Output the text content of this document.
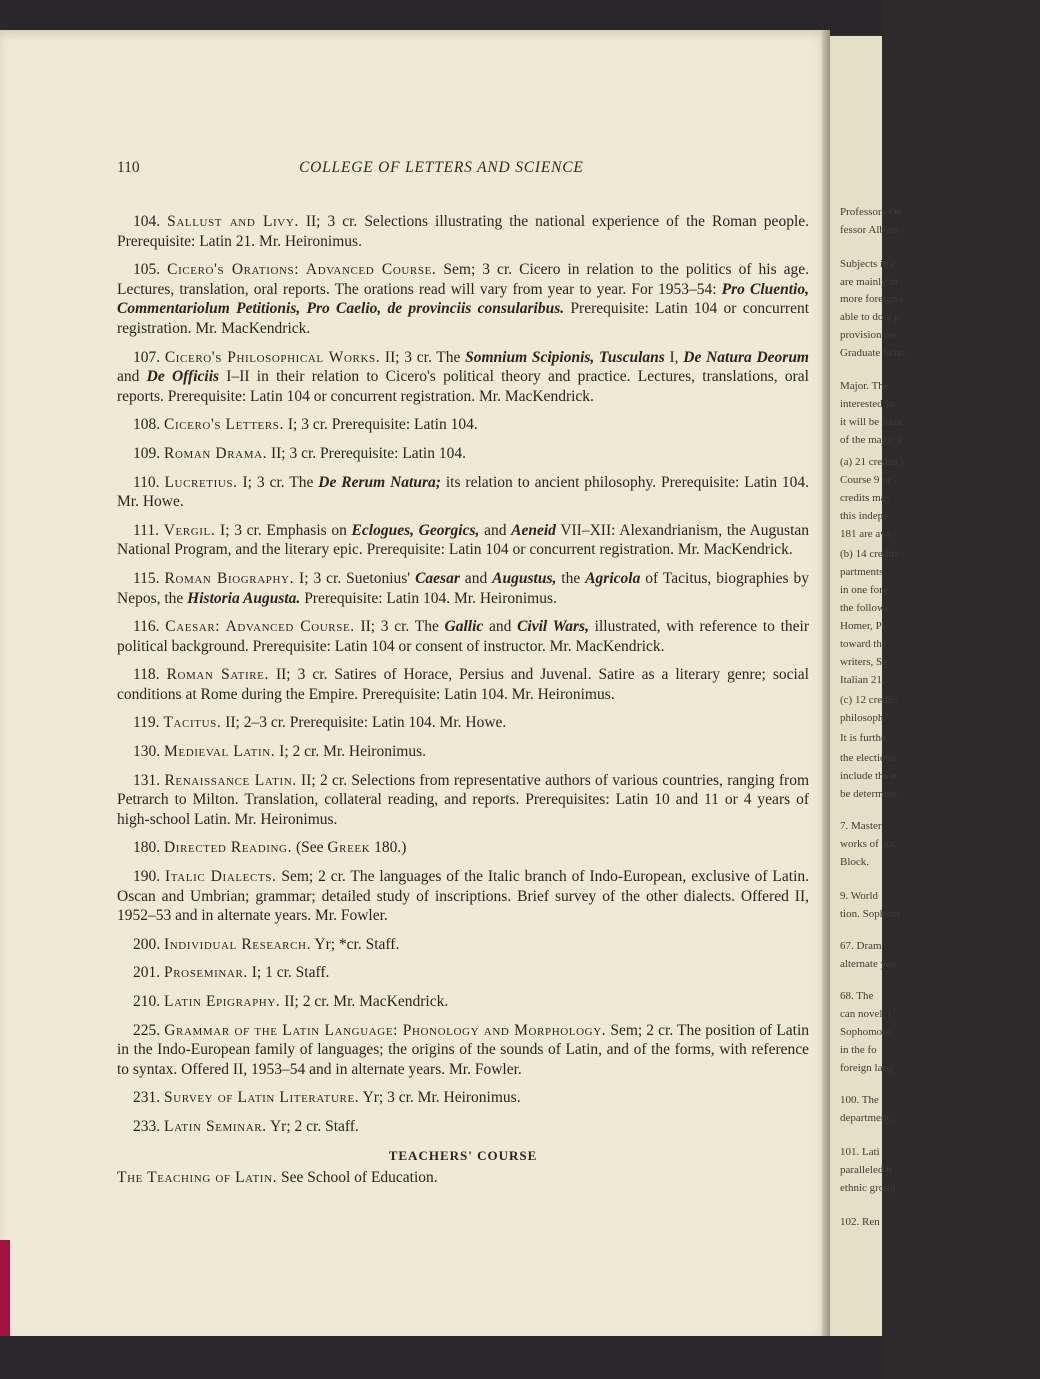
Professors Ov
fessor Albers
Subjects in c
are mainly in
more foreign l
able to do a p
provision for
Graduate Scho
Major. The
interested in
it will be foun
of the major a
(a) 21 credits i
Course 9 or
credits may
this indepe
181 are ava
(b) 14 credits
partments,
in one fore
the followi
Homer, Pl
toward the
writers, Sa
Italian 21,
(c) 12 credits
philosoph
It is furthe
the elections
include the e
be determine
7. Master
works of anc
Block.
9. World
tion. Sophom
67. Dram
alternate yea
68. The
can novel, l
Sophomore
in the fo
foreign lang
100. The
department.
101. Lati
paralleled b
ethnic group
102. Ren
110	COLLEGE OF LETTERS AND SCIENCE

104. Sallust and Livy. II; 3 cr. Selections illustrating the national experience of the Roman people. Prerequisite: Latin 21. Mr. Heironimus.

105. Cicero's Orations: Advanced Course. Sem; 3 cr. Cicero in relation to the politics of his age. Lectures, translation, oral reports. The orations read will vary from year to year. For 1953–54: Pro Cluentio, Commentariolum Petitionis, Pro Caelio, de provinciis consularibus. Prerequisite: Latin 104 or concurrent registration. Mr. MacKendrick.

107. Cicero's Philosophical Works. II; 3 cr. The Somnium Scipionis, Tusculans I, De Natura Deorum and De Officiis I–II in their relation to Cicero's political theory and practice. Lectures, translations, oral reports. Prerequisite: Latin 104 or concurrent registration. Mr. MacKendrick.

108. Cicero's Letters. I; 3 cr. Prerequisite: Latin 104.

109. Roman Drama. II; 3 cr. Prerequisite: Latin 104.

110. Lucretius. I; 3 cr. The De Rerum Natura; its relation to ancient philosophy. Prerequisite: Latin 104. Mr. Howe.

111. Vergil. I; 3 cr. Emphasis on Eclogues, Georgics, and Aeneid VII–XII: Alexandrianism, the Augustan National Program, and the literary epic. Prerequisite: Latin 104 or concurrent registration. Mr. MacKendrick.

115. Roman Biography. I; 3 cr. Suetonius' Caesar and Augustus, the Agricola of Tacitus, biographies by Nepos, the Historia Augusta. Prerequisite: Latin 104. Mr. Heironimus.

116. Caesar: Advanced Course. II; 3 cr. The Gallic and Civil Wars, illustrated, with reference to their political background. Prerequisite: Latin 104 or consent of instructor. Mr. MacKendrick.

118. Roman Satire. II; 3 cr. Satires of Horace, Persius and Juvenal. Satire as a literary genre; social conditions at Rome during the Empire. Prerequisite: Latin 104. Mr. Heironimus.

119. Tacitus. II; 2–3 cr. Prerequisite: Latin 104. Mr. Howe.

130. Medieval Latin. I; 2 cr. Mr. Heironimus.

131. Renaissance Latin. II; 2 cr. Selections from representative authors of various countries, ranging from Petrarch to Milton. Translation, collateral reading, and reports. Prerequisites: Latin 10 and 11 or 4 years of high-school Latin. Mr. Heironimus.

180. Directed Reading. (See Greek 180.)

190. Italic Dialects. Sem; 2 cr. The languages of the Italic branch of Indo-European, exclusive of Latin. Oscan and Umbrian; grammar; detailed study of inscriptions. Brief survey of the other dialects. Offered II, 1952–53 and in alternate years. Mr. Fowler.

200. Individual Research. Yr; *cr. Staff.

201. Proseminar. I; 1 cr. Staff.

210. Latin Epigraphy. II; 2 cr. Mr. MacKendrick.

225. Grammar of the Latin Language: Phonology and Morphology. Sem; 2 cr. The position of Latin in the Indo-European family of languages; the origins of the sounds of Latin, and of the forms, with reference to syntax. Offered II, 1953–54 and in alternate years. Mr. Fowler.

231. Survey of Latin Literature. Yr; 3 cr. Mr. Heironimus.

233. Latin Seminar. Yr; 2 cr. Staff.

TEACHERS' COURSE

The Teaching of Latin. See School of Education.
